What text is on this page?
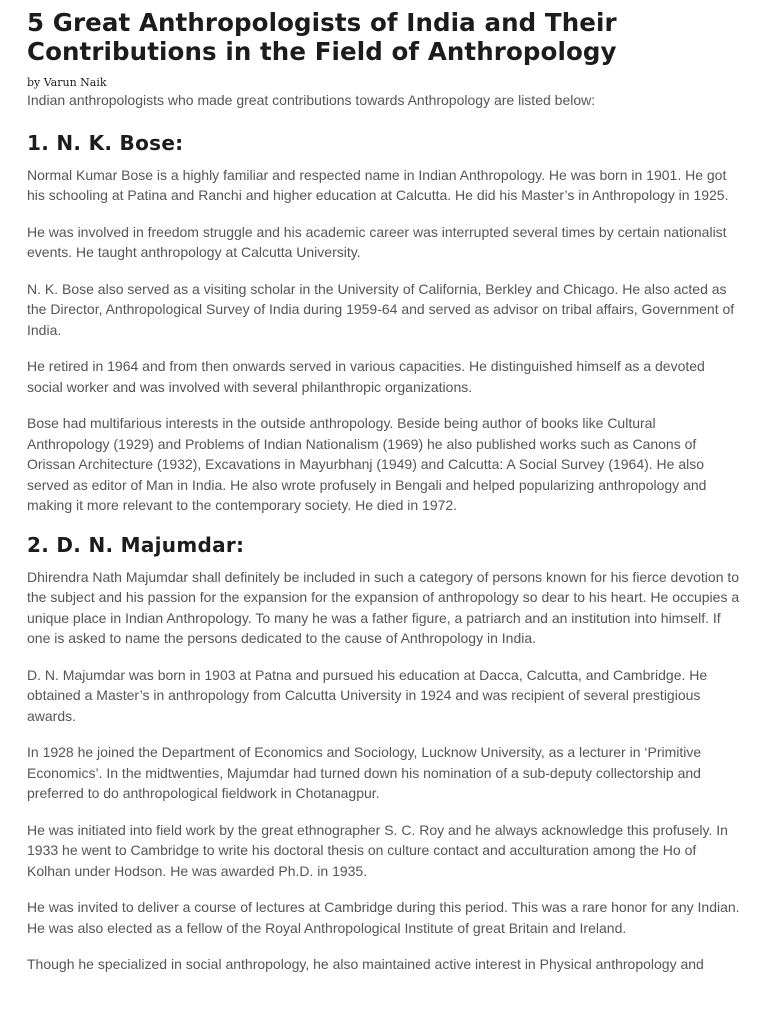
5 Great Anthropologists of India and Their Contributions in the Field of Anthropology
by Varun Naik

Indian anthropologists who made great contributions towards Anthropology are listed below:

1. N. K. Bose:

Normal Kumar Bose is a highly familiar and respected name in Indian Anthropology. He was born in 1901. He got his schooling at Patina and Ranchi and higher education at Calcutta. He did his Master’s in Anthropology in 1925.

He was involved in freedom struggle and his academic career was interrupted several times by certain nationalist events. He taught anthropology at Calcutta University.

N. K. Bose also served as a visiting scholar in the University of California, Berkley and Chicago. He also acted as the Director, Anthropological Survey of India during 1959-64 and served as advisor on tribal affairs, Government of India.

He retired in 1964 and from then onwards served in various capacities. He distinguished himself as a devoted social worker and was involved with several philanthropic organizations.

Bose had multifarious interests in the outside anthropology. Beside being author of books like Cultural Anthropology (1929) and Problems of Indian Nationalism (1969) he also published works such as Canons of Orissan Architecture (1932), Excavations in Mayurbhanj (1949) and Calcutta: A Social Survey (1964). He also served as editor of Man in India. He also wrote profusely in Bengali and helped popularizing anthropology and making it more relevant to the contemporary society. He died in 1972.

2. D. N. Majumdar:

Dhirendra Nath Majumdar shall definitely be included in such a category of persons known for his fierce devotion to the subject and his passion for the expansion for the expansion of anthropology so dear to his heart. He occupies a unique place in Indian Anthropology. To many he was a father figure, a patriarch and an institution into himself. If one is asked to name the persons dedicated to the cause of Anthropology in India.

D. N. Majumdar was born in 1903 at Patna and pursued his education at Dacca, Calcutta, and Cambridge. He obtained a Master’s in anthropology from Calcutta University in 1924 and was recipient of several prestigious awards.

In 1928 he joined the Department of Economics and Sociology, Lucknow University, as a lecturer in ‘Primitive Economics’. In the midtwenties, Majumdar had turned down his nomination of a sub-deputy collectorship and preferred to do anthropological fieldwork in Chotanagpur.

He was initiated into field work by the great ethnographer S. C. Roy and he always acknowledge this profusely. In 1933 he went to Cambridge to write his doctoral thesis on culture contact and acculturation among the Ho of Kolhan under Hodson. He was awarded Ph.D. in 1935.

He was invited to deliver a course of lectures at Cambridge during this period. This was a rare honor for any Indian. He was also elected as a fellow of the Royal Anthropological Institute of great Britain and Ireland.

Though he specialized in social anthropology, he also maintained active interest in Physical anthropology and
